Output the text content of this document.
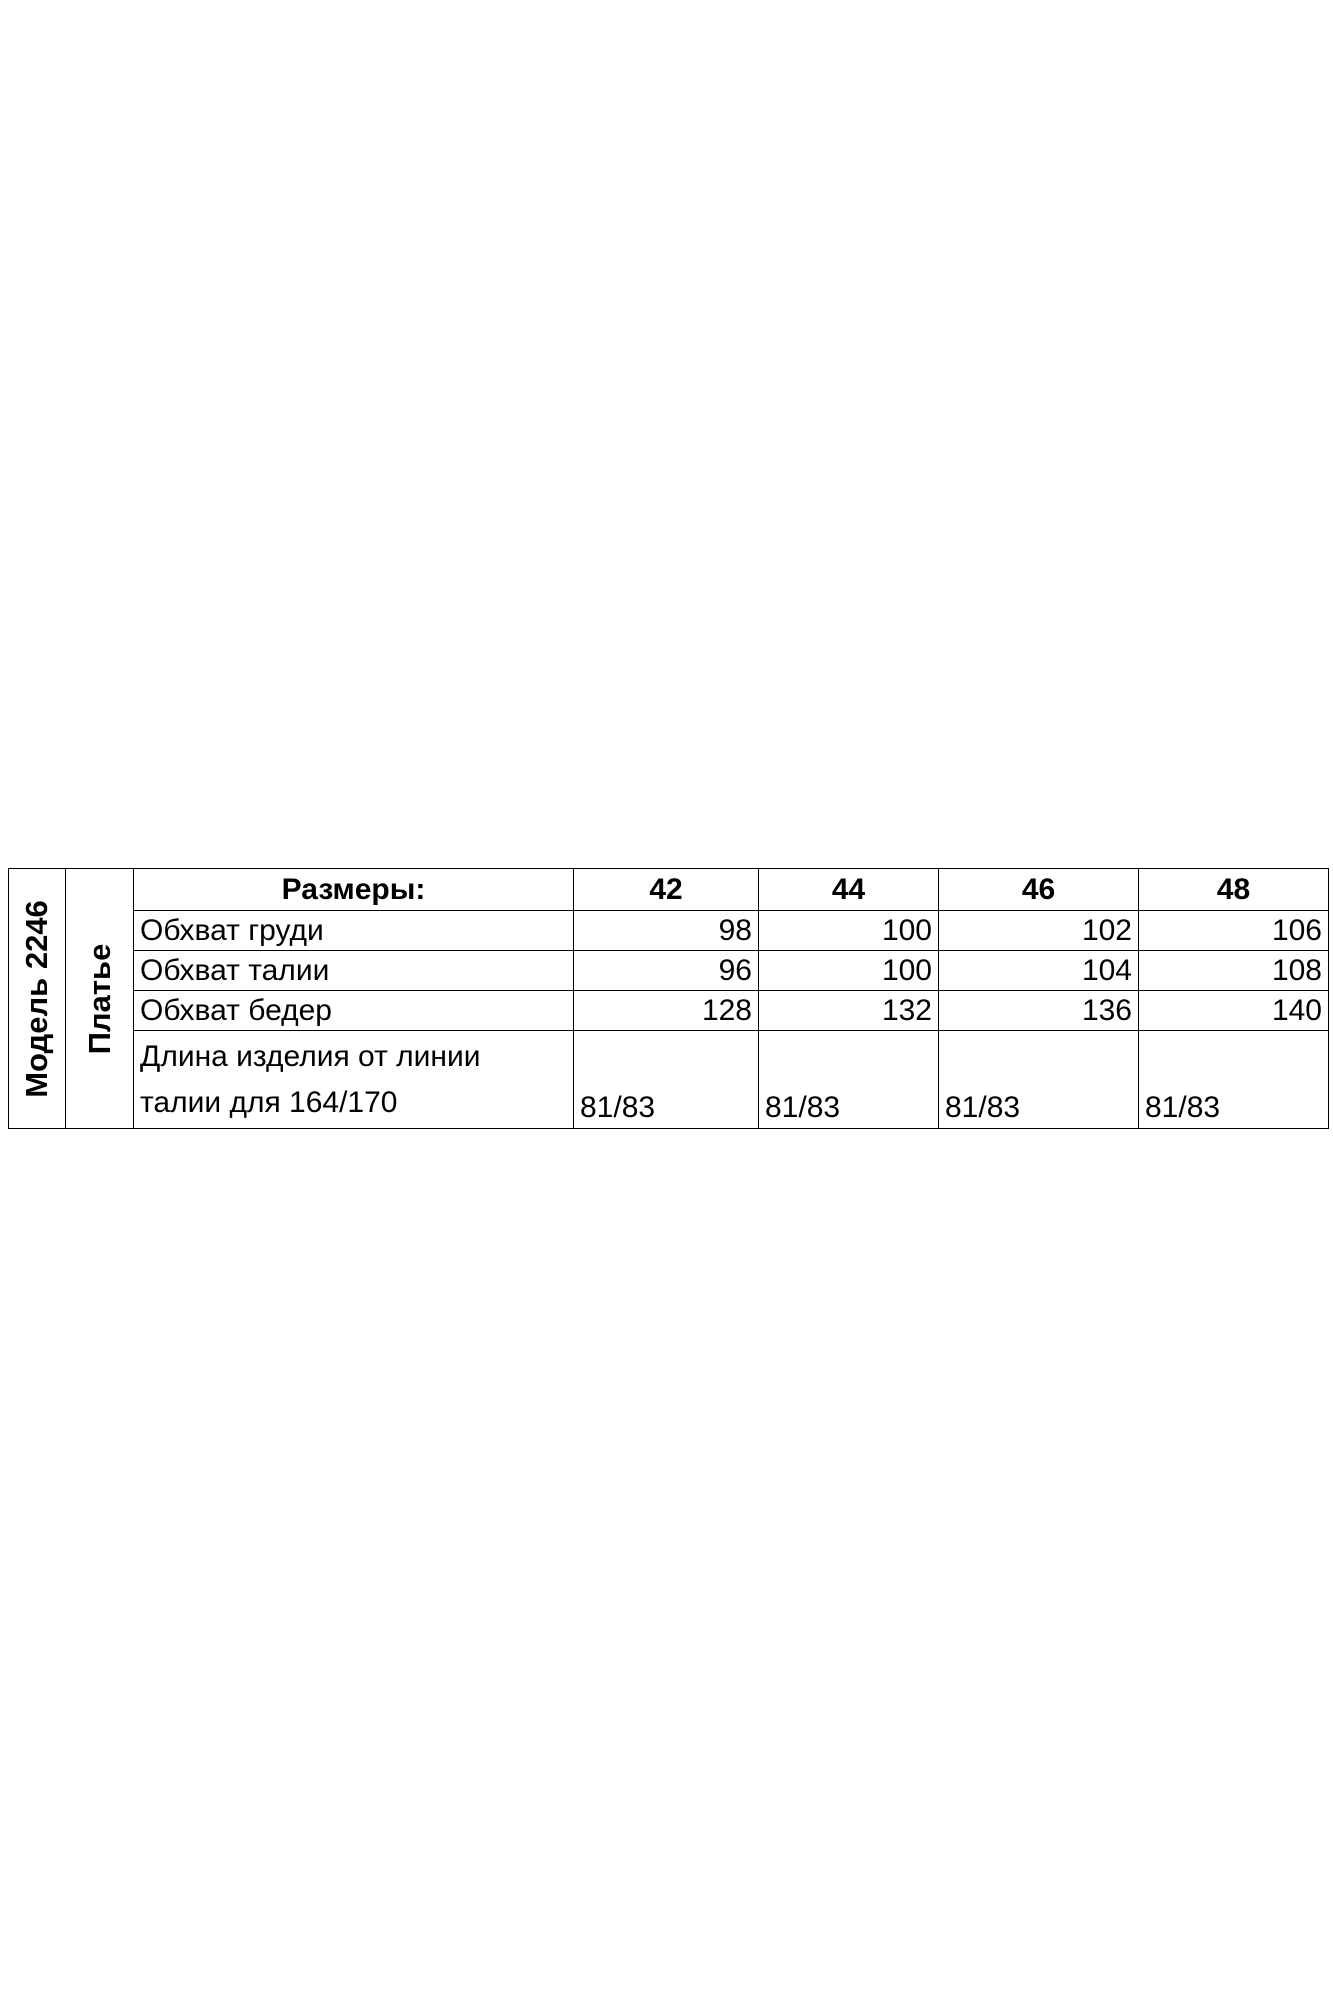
Модель 2246	Платье	Размеры:	42	44	46	48
		Обхват груди	98	100	102	106
		Обхват талии	96	100	104	108
		Обхват бедер	128	132	136	140

		Длина изделия от линии
талии для 164/170	81/83	81/83	81/83	81/83
